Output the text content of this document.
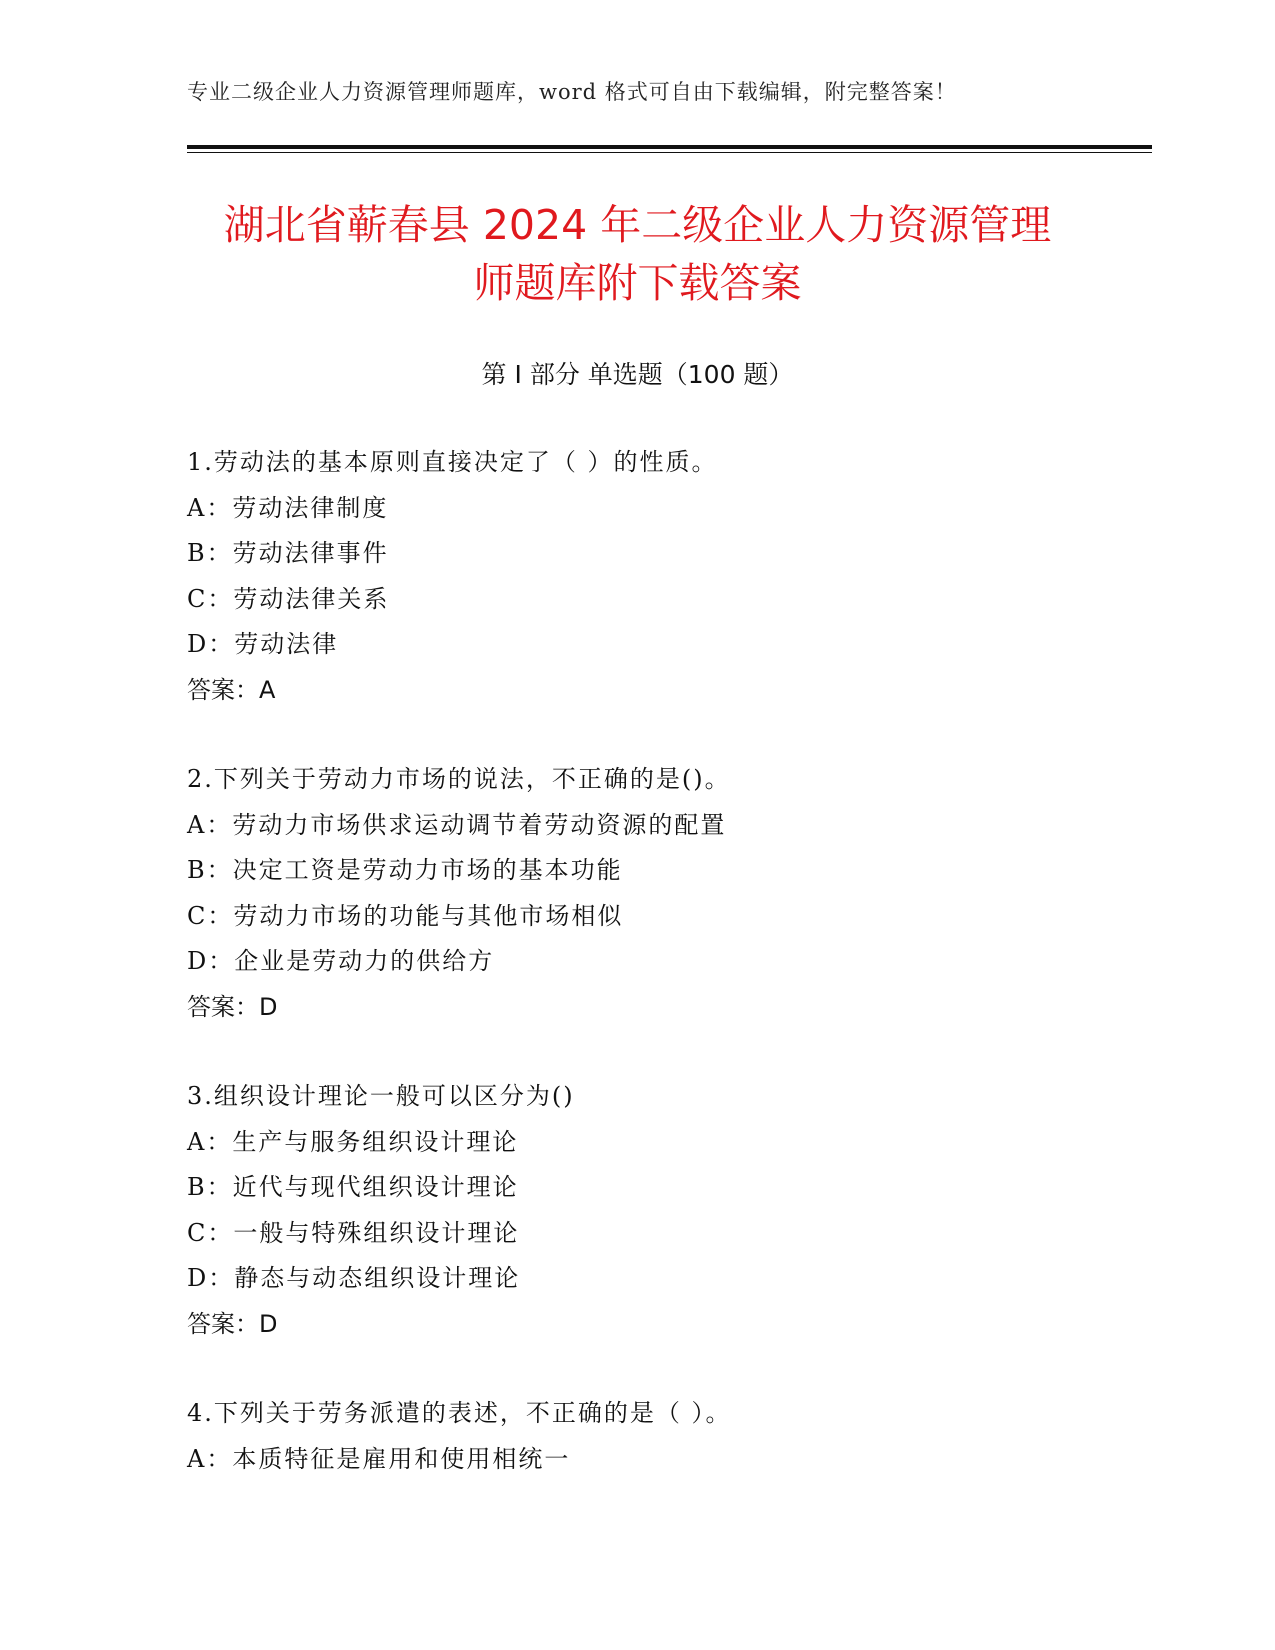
专业二级企业人力资源管理师题库，word 格式可自由下载编辑，附完整答案！
湖北省蕲春县 2024 年二级企业人力资源管理
师题库附下载答案
第 I 部分 单选题（100 题）
1.劳动法的基本原则直接决定了（ ）的性质。
A：劳动法律制度
B：劳动法律事件
C：劳动法律关系
D：劳动法律
答案：A
2.下列关于劳动力市场的说法，不正确的是()。
A：劳动力市场供求运动调节着劳动资源的配置
B：决定工资是劳动力市场的基本功能
C：劳动力市场的功能与其他市场相似
D：企业是劳动力的供给方
答案：D
3.组织设计理论一般可以区分为()
A：生产与服务组织设计理论
B：近代与现代组织设计理论
C：一般与特殊组织设计理论
D：静态与动态组织设计理论
答案：D
4.下列关于劳务派遣的表述，不正确的是（ ）。
A：本质特征是雇用和使用相统一
